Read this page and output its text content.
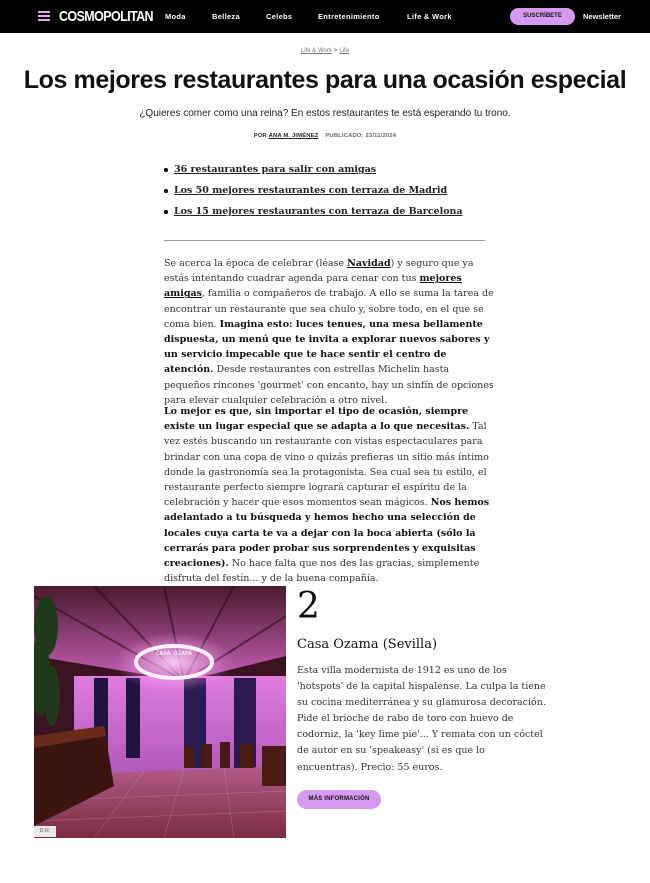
COSMOPOLITAN Moda	Belleza	Celebs	Entretenimiento	Life & Work	SUSCRÍBETE	Newsletter
Life & Work > Life
Los mejores restaurantes para una ocasión especial

¿Quieres comer como una reina? En estos restaurantes te está esperando tu trono.

POR ANA M. JIMÉNEZ PUBLICADO: 23/11/2024
36 restaurantes para salir con amigas
Los 50 mejores restaurantes con terraza de Madrid
Los 15 mejores restaurantes con terraza de Barcelona

Se acerca la época de celebrar (léase Navidad) y seguro que ya estás intentando cuadrar agenda para cenar con tus mejores amigas, familia o compañeros de trabajo. A ello se suma la tarea de encontrar un restaurante que sea chulo y, sobre todo, en el que se coma bien. Imagina esto: luces tenues, una mesa bellamente dispuesta, un menú que te invita a explorar nuevos sabores y un servicio impecable que te hace sentir el centro de atención. Desde restaurantes con estrellas Michelin hasta pequeños rincones 'gourmet' con encanto, hay un sinfín de opciones para elevar cualquier celebración a otro nivel.

Lo mejor es que, sin importar el tipo de ocasión, siempre existe un lugar especial que se adapta a lo que necesitas. Tal vez estés buscando un restaurante con vistas espectaculares para brindar con una copa de vino o quizás prefieras un sitio más íntimo donde la gastronomía sea la protagonista. Sea cual sea tu estilo, el restaurante perfecto siempre logrará capturar el espíritu de la celebración y hacer que esos momentos sean mágicos. Nos hemos adelantado a tu búsqueda y hemos hecho una selección de locales cuya carta te va a dejar con la boca abierta (sólo la cerrarás para poder probar sus sorprendentes y exquisitas creaciones). No hace falta que nos des las gracias, simplemente disfruta del festín... y de la buena compañía.

CASA OZAMA
D.R.
2
Casa Ozama (Sevilla)

Esta villa modernista de 1912 es uno de los 'hotspots' de la capital hispalense. La culpa la tiene su cocina mediterránea y su glamurosa decoración. Pide el brioche de rabo de toro con huevo de codorniz, la 'key lime pie'... Y remata con un cóctel de autor en su 'speakeasy' (si es que lo encuentras). Precio: 55 euros.

MÁS INFORMACIÓN
